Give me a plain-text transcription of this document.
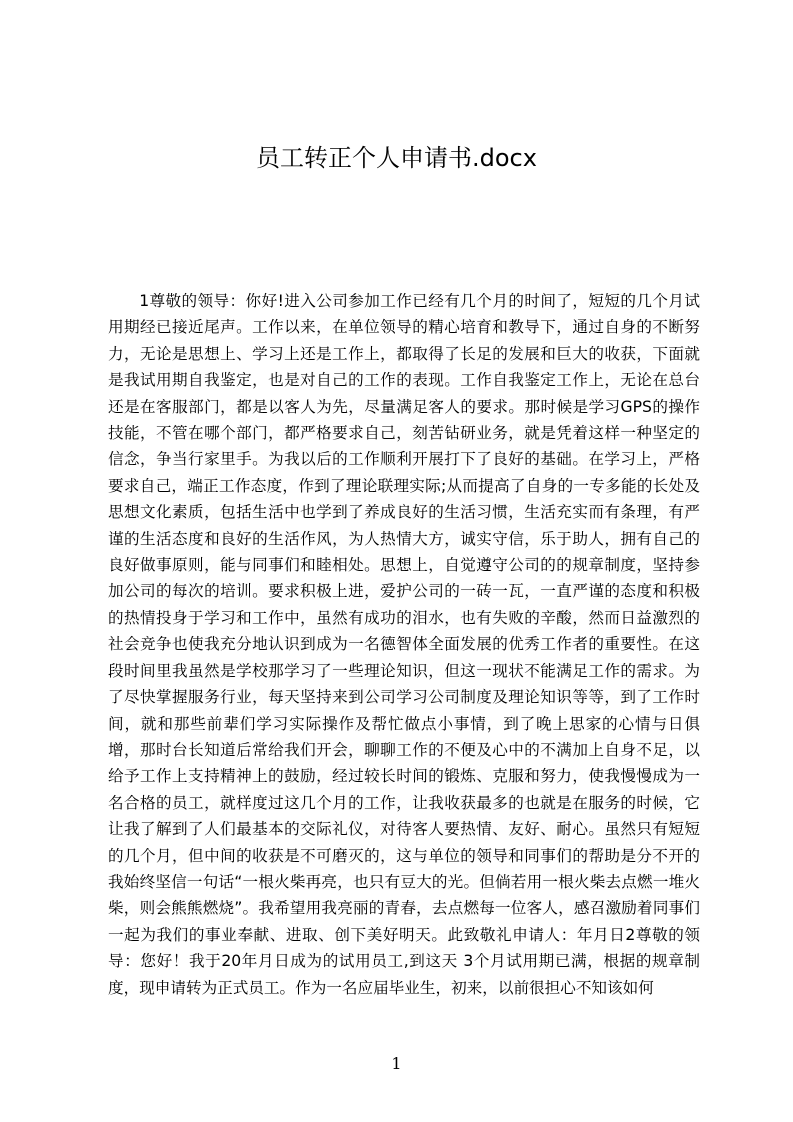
员工转正个人申请书.docx

1尊敬的领导：你好!进入公司参加工作已经有几个月的时间了，短短的几个月试用期经已接近尾声。工作以来，在单位领导的精心培育和教导下，通过自身的不断努力，无论是思想上、学习上还是工作上，都取得了长足的发展和巨大的收获，下面就是我试用期自我鉴定，也是对自己的工作的表现。工作自我鉴定工作上，无论在总台还是在客服部门，都是以客人为先，尽量满足客人的要求。那时候是学习GPS的操作技能，不管在哪个部门，都严格要求自己，刻苦钻研业务，就是凭着这样一种坚定的信念，争当行家里手。为我以后的工作顺利开展打下了良好的基础。在学习上，严格要求自己，端正工作态度，作到了理论联理实际;从而提高了自身的一专多能的长处及思想文化素质，包括生活中也学到了养成良好的生活习惯，生活充实而有条理，有严谨的生活态度和良好的生活作风，为人热情大方，诚实守信，乐于助人，拥有自己的良好做事原则，能与同事们和睦相处。思想上，自觉遵守公司的的规章制度，坚持参加公司的每次的培训。要求积极上进，爱护公司的一砖一瓦，一直严谨的态度和积极的热情投身于学习和工作中，虽然有成功的泪水，也有失败的辛酸，然而日益激烈的社会竞争也使我充分地认识到成为一名德智体全面发展的优秀工作者的重要性。在这段时间里我虽然是学校那学习了一些理论知识，但这一现状不能满足工作的需求。为了尽快掌握服务行业，每天坚持来到公司学习公司制度及理论知识等等，到了工作时间，就和那些前辈们学习实际操作及帮忙做点小事情，到了晚上思家的心情与日俱增，那时台长知道后常给我们开会，聊聊工作的不便及心中的不满加上自身不足，以给予工作上支持精神上的鼓励，经过较长时间的锻炼、克服和努力，使我慢慢成为一名合格的员工，就样度过这几个月的工作，让我收获最多的也就是在服务的时候，它让我了解到了人们最基本的交际礼仪，对待客人要热情、友好、耐心。虽然只有短短的几个月，但中间的收获是不可磨灭的，这与单位的领导和同事们的帮助是分不开的我始终坚信一句话“一根火柴再亮，也只有豆大的光。但倘若用一根火柴去点燃一堆火柴，则会熊熊燃烧”。我希望用我亮丽的青春，去点燃每一位客人，感召激励着同事们一起为我们的事业奉献、进取、创下美好明天。此致敬礼申请人：年月日2尊敬的领导：您好！我于20年月日成为的试用员工,到这天 3个月试用期已满，根据的规章制度，现申请转为正式员工。作为一名应届毕业生，初来，以前很担心不知该如何

1
